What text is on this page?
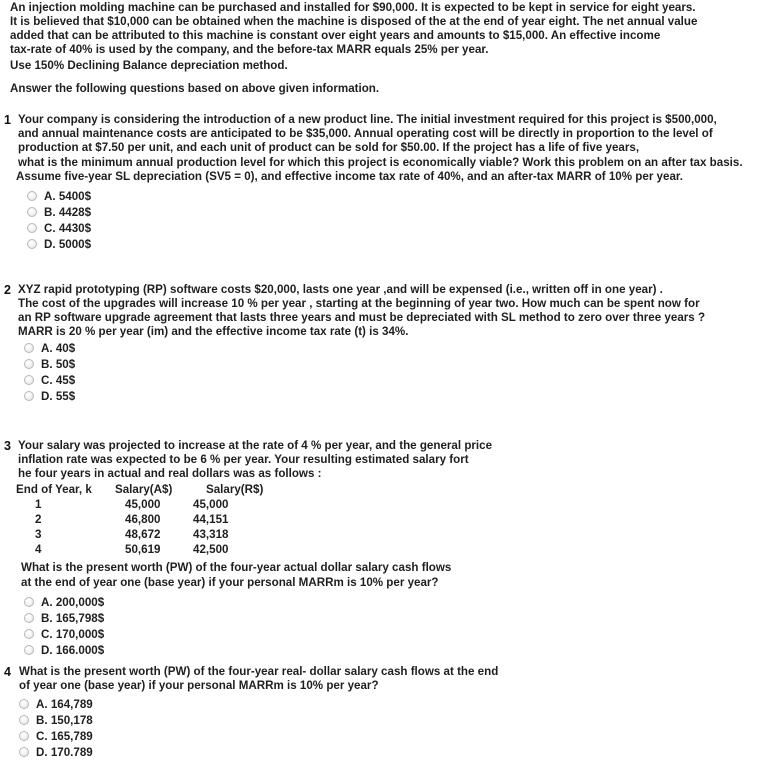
An injection molding machine can be purchased and installed for $90,000. It is expected to be kept in service for eight years.
It is believed that $10,000 can be obtained when the machine is disposed of the at the end of year eight. The net annual value
added that can be attributed to this machine is constant over eight years and amounts to $15,000. An effective income
tax-rate of 40% is used by the company, and the before-tax MARR equals 25% per year.
Use 150% Declining Balance depreciation method.
Answer the following questions based on above given information.
1 Your company is considering the introduction of a new product line. The initial investment required for this project is $500,000,
and annual maintenance costs are anticipated to be $35,000. Annual operating cost will be directly in proportion to the level of
production at $7.50 per unit, and each unit of product can be sold for $50.00. If the project has a life of five years,
what is the minimum annual production level for which this project is economically viable? Work this problem on an after tax basis.
Assume five-year SL depreciation (SV5 = 0), and effective income tax rate of 40%, and an after-tax MARR of 10% per year.
A. 5400$
B. 4428$
C. 4430$
D. 5000$
2 XYZ rapid prototyping (RP) software costs $20,000, lasts one year ,and will be expensed (i.e., written off in one year) .
The cost of the upgrades will increase 10 % per year , starting at the beginning of year two. How much can be spent now for
an RP software upgrade agreement that lasts three years and must be depreciated with SL method to zero over three years ?
MARR is 20 % per year (im) and the effective income tax rate (t) is 34%.
A. 40$
B. 50$
C. 45$
D. 55$
3 Your salary was projected to increase at the rate of 4 % per year, and the general price
inflation rate was expected to be 6 % per year. Your resulting estimated salary fort
he four years in actual and real dollars was as follows :
End of Year, k Salary(A$)	Salary(R$)
1	45,000	45,000
2	46,800	44,151
3	48,672	43,318
4	50,619	42,500
What is the present worth (PW) of the four-year actual dollar salary cash flows
at the end of year one (base year) if your personal MARRm is 10% per year?
A. 200,000$
B. 165,798$
C. 170,000$
D. 166.000$
4 What is the present worth (PW) of the four-year real- dollar salary cash flows at the end
of year one (base year) if your personal MARRm is 10% per year?
A. 164,789
B. 150,178
C. 165,789
D. 170.789
